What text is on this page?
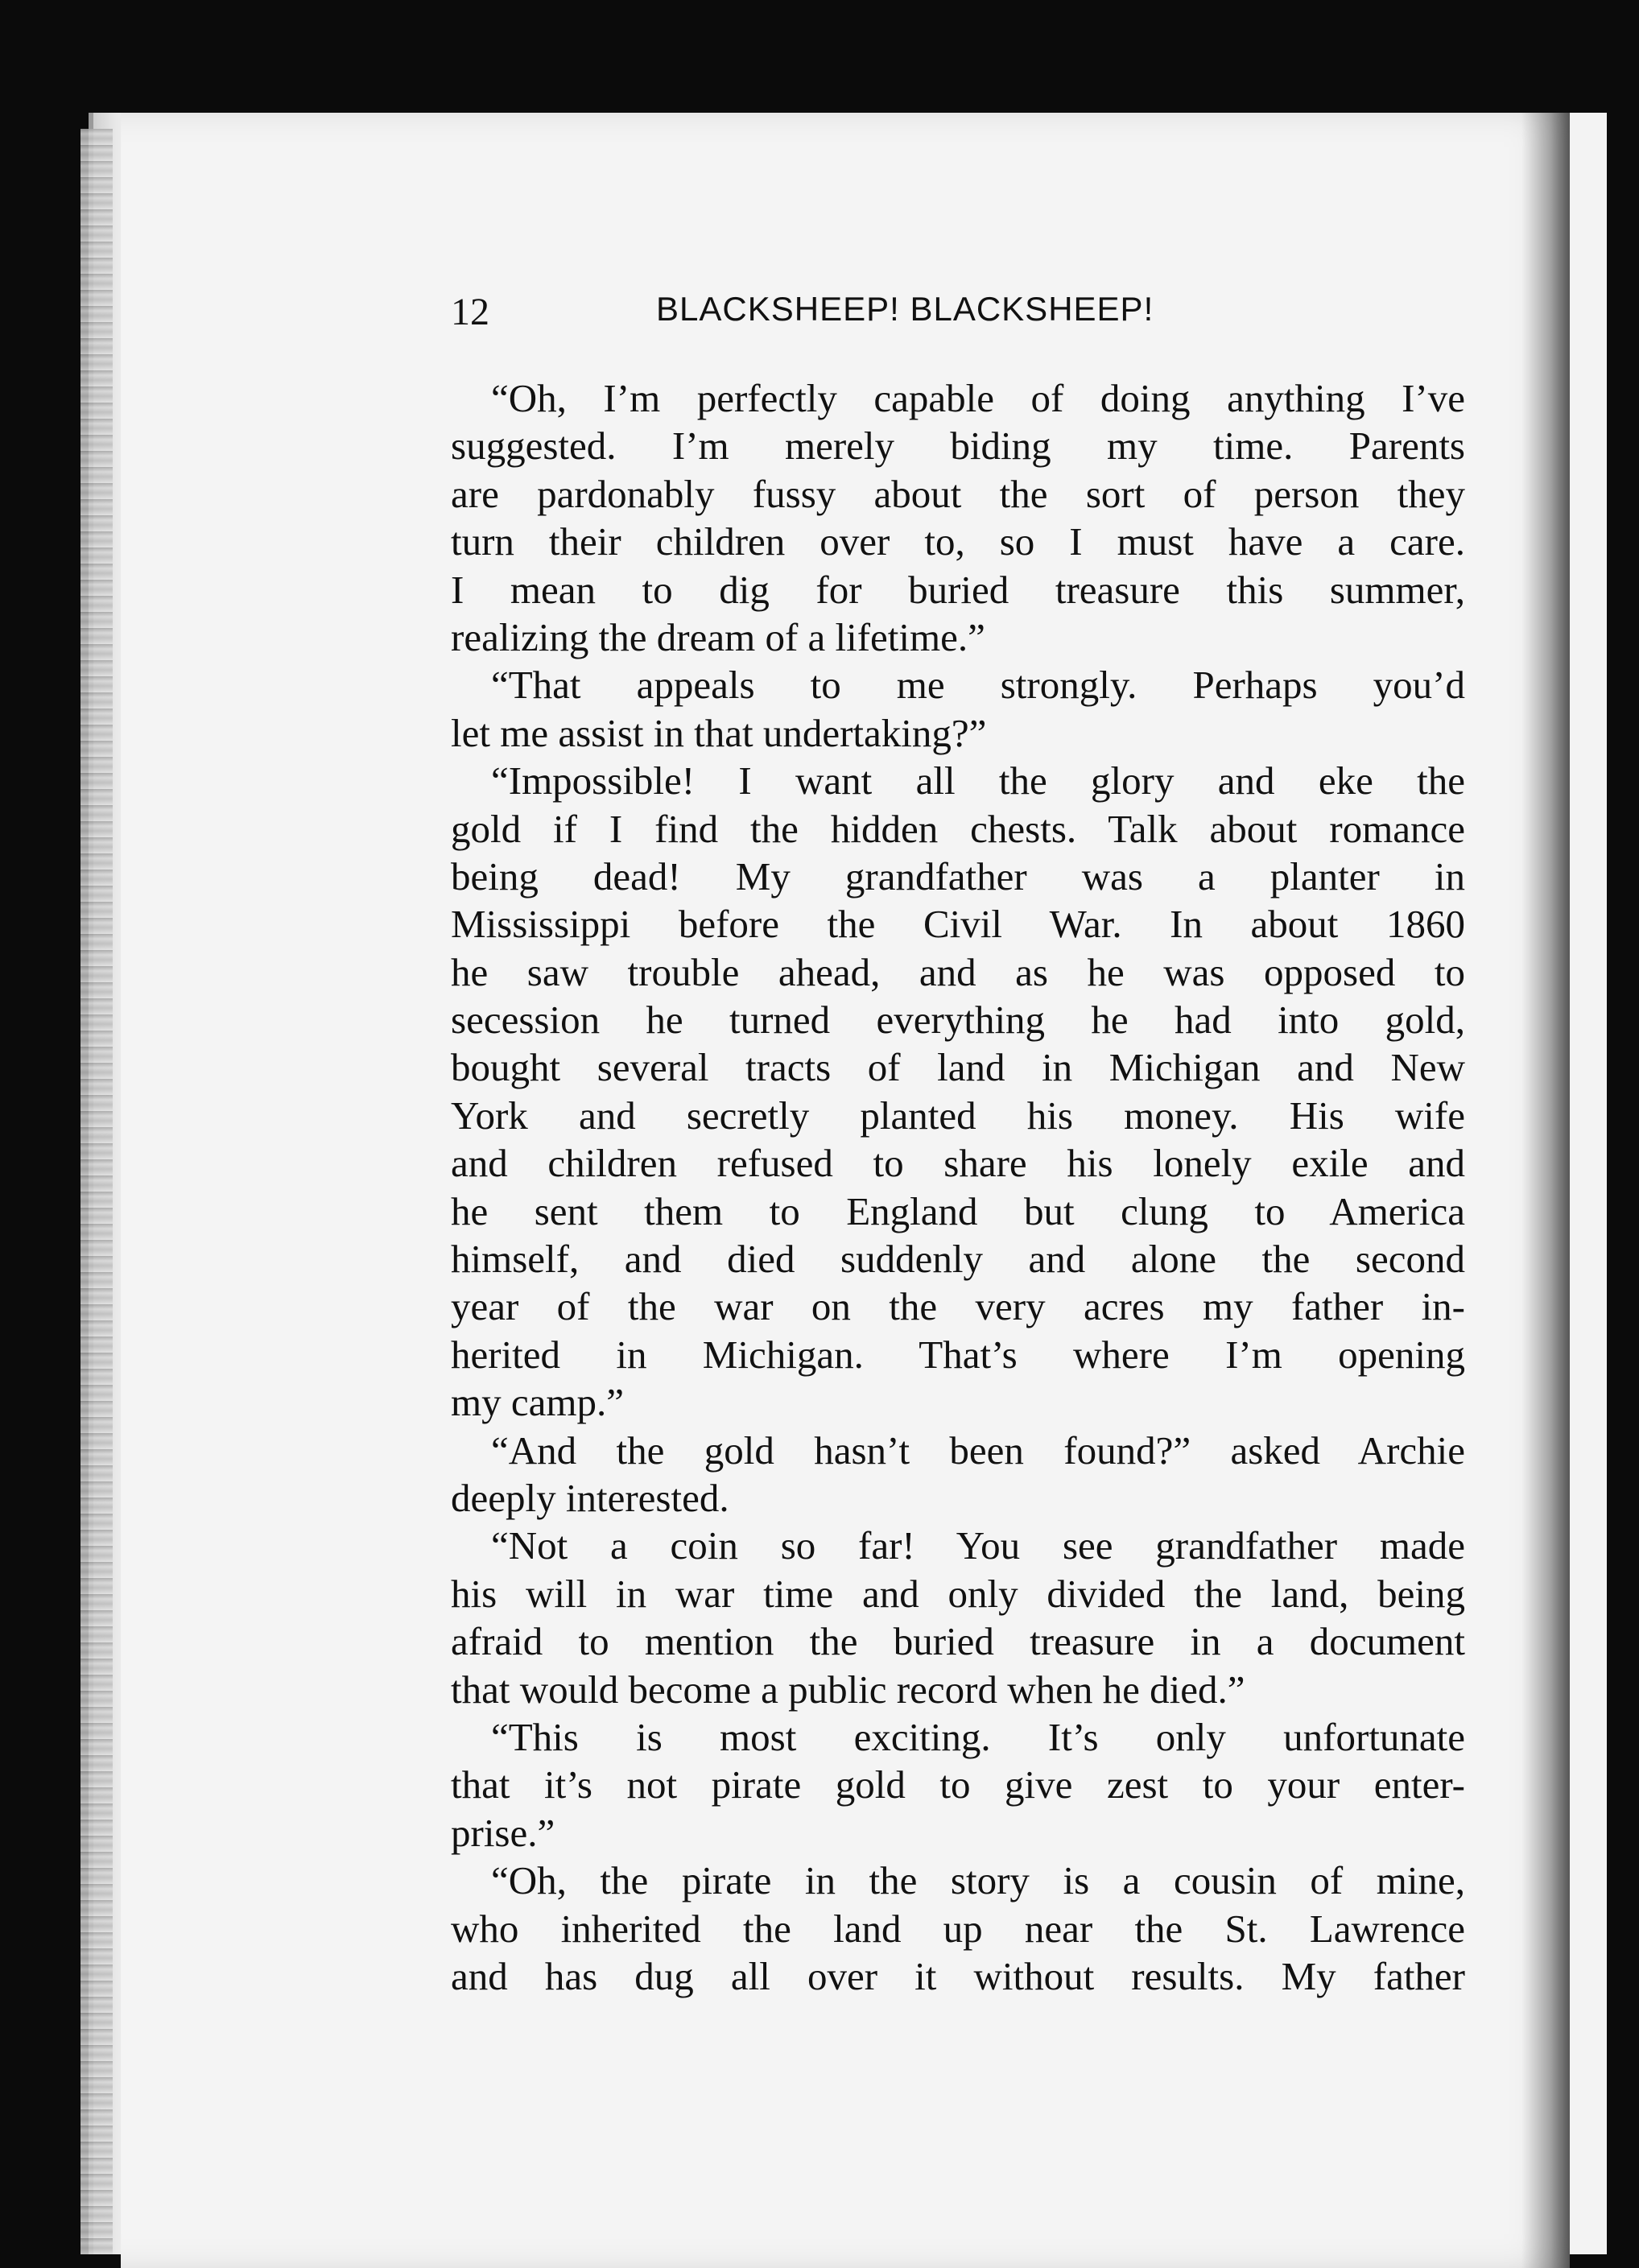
12	BLACKSHEEP! BLACKSHEEP!
“Oh, I’m perfectly capable of doing anything I’ve
suggested. I’m merely biding my time. Parents
are pardonably fussy about the sort of person they
turn their children over to, so I must have a care.
I mean to dig for buried treasure this summer,
realizing the dream of a lifetime.”
“That appeals to me strongly. Perhaps you’d
let me assist in that undertaking?”
“Impossible! I want all the glory and eke the
gold if I find the hidden chests. Talk about romance
being dead! My grandfather was a planter in
Mississippi before the Civil War. In about 1860
he saw trouble ahead, and as he was opposed to
secession he turned everything he had into gold,
bought several tracts of land in Michigan and New
York and secretly planted his money. His wife
and children refused to share his lonely exile and
he sent them to England but clung to America
himself, and died suddenly and alone the second
year of the war on the very acres my father in-
herited in Michigan. That’s where I’m opening
my camp.”
“And the gold hasn’t been found?” asked Archie
deeply interested.
“Not a coin so far! You see grandfather made
his will in war time and only divided the land, being
afraid to mention the buried treasure in a document
that would become a public record when he died.”
“This is most exciting. It’s only unfortunate
that it’s not pirate gold to give zest to your enter-
prise.”
“Oh, the pirate in the story is a cousin of mine,
who inherited the land up near the St. Lawrence
and has dug all over it without results. My father
